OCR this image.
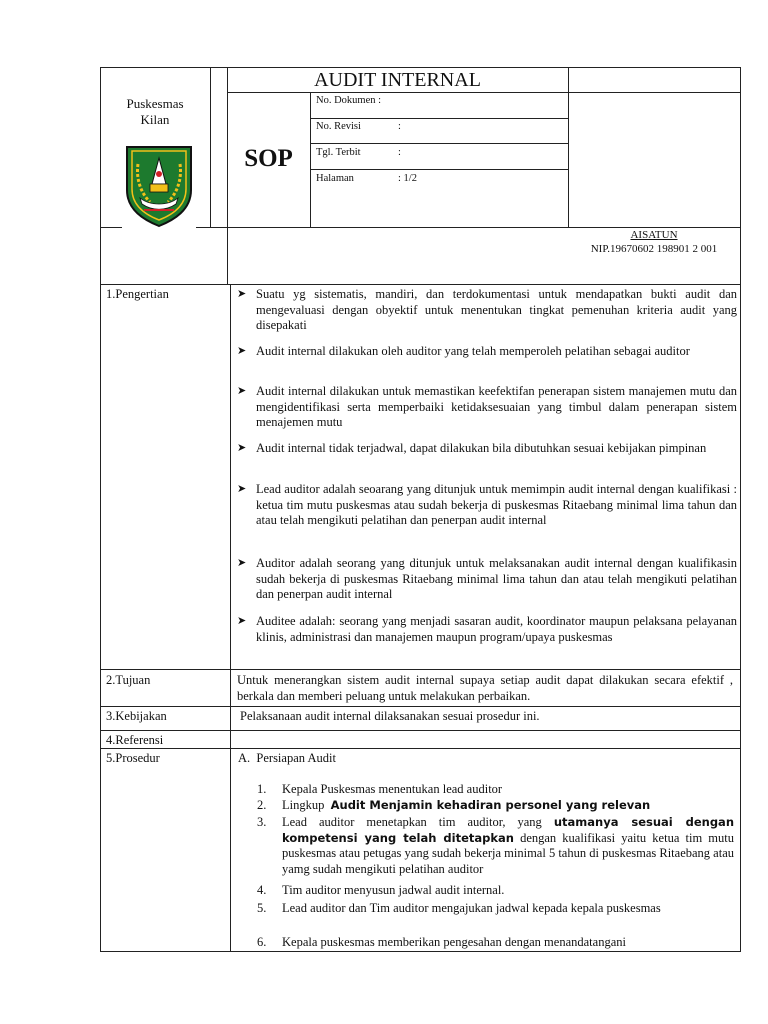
Puskesmas
Kilan
AUDIT INTERNAL
SOP
No. Dokumen :
No. Revisi	:
Tgl. Terbit	:
Halaman	: 1/2
AISATUN
NIP.19670602 198901 2 001
1.Pengertian	➤ Suatu yg sistematis, mandiri, dan terdokumentasi untuk mendapatkan bukti audit dan mengevaluasi dengan obyektif untuk menentukan tingkat pemenuhan kriteria audit yang disepakati
➤ Audit internal dilakukan oleh auditor yang telah memperoleh pelatihan sebagai auditor
➤ Audit internal dilakukan untuk memastikan keefektifan penerapan sistem manajemen mutu dan mengidentifikasi serta memperbaiki ketidaksesuaian yang timbul dalam penerapan sistem menajemen mutu
➤ Audit internal tidak terjadwal, dapat dilakukan bila dibutuhkan sesuai kebijakan pimpinan
➤ Lead auditor adalah seoarang yang ditunjuk untuk memimpin audit internal dengan kualifikasi : ketua tim mutu puskesmas atau sudah bekerja di puskesmas Ritaebang minimal lima tahun dan atau telah mengikuti pelatihan dan penerpan audit internal
➤ Auditor adalah seorang yang ditunjuk untuk melaksanakan audit internal dengan kualifikasin sudah bekerja di puskesmas Ritaebang minimal lima tahun dan atau telah mengikuti pelatihan dan penerpan audit internal
➤ Auditee adalah: seorang yang menjadi sasaran audit, koordinator maupun pelaksana pelayanan klinis, administrasi dan manajemen maupun program/upaya puskesmas
2.Tujuan	Untuk menerangkan sistem audit internal supaya setiap audit dapat dilakukan secara efektif , berkala dan memberi peluang untuk melakukan perbaikan.
3.Kebijakan	Pelaksanaan audit internal dilaksanakan sesuai prosedur ini.
4.Referensi
5.Prosedur	A. Persiapan Audit
1.	Kepala Puskesmas menentukan lead auditor
2.	Lingkup Audit Menjamin kehadiran personel yang relevan
3.	Lead auditor menetapkan tim auditor, yang utamanya sesuai dengan kompetensi yang telah ditetapkan dengan kualifikasi yaitu ketua tim mutu puskesmas atau petugas yang sudah bekerja minimal 5 tahun di puskesmas Ritaebang atau yamg sudah mengikuti pelatihan auditor
4.	Tim auditor menyusun jadwal audit internal.
5.	Lead auditor dan Tim auditor mengajukan jadwal kepada kepala puskesmas
6.	Kepala puskesmas memberikan pengesahan dengan menandatangani
